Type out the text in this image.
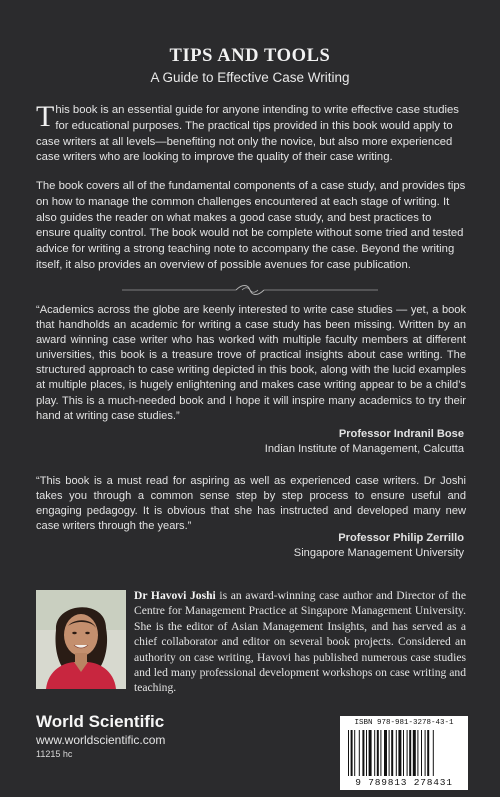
TIPS AND TOOLS
A Guide to Effective Case Writing

This book is an essential guide for anyone intending to write effective case studies for educational purposes. The practical tips provided in this book would apply to case writers at all levels—benefiting not only the novice, but also more experienced case writers who are looking to improve the quality of their case writing.

The book covers all of the fundamental components of a case study, and provides tips on how to manage the common challenges encountered at each stage of writing. It also guides the reader on what makes a good case study, and best practices to ensure quality control. The book would not be complete without some tried and tested advice for writing a strong teaching note to accompany the case. Beyond the writing itself, it also provides an overview of possible avenues for case publication.

“Academics across the globe are keenly interested to write case studies — yet, a book that handholds an academic for writing a case study has been missing. Written by an award winning case writer who has worked with multiple faculty members at different universities, this book is a treasure trove of practical insights about case writing. The structured approach to case writing depicted in this book, along with the lucid examples at multiple places, is hugely enlightening and makes case writing appear to be a child’s play. This is a much-needed book and I hope it will inspire many academics to try their hand at writing case studies.”

Professor Indranil Bose
Indian Institute of Management, Calcutta

“This book is a must read for aspiring as well as experienced case writers. Dr Joshi takes you through a common sense step by step process to ensure useful and engaging pedagogy. It is obvious that she has instructed and developed many new case writers through the years.”

Professor Philip Zerrillo
Singapore Management University

Dr Havovi Joshi is an award-winning case author and Director of the Centre for Management Practice at Singapore Management University. She is the editor of Asian Management Insights, and has served as a chief collaborator and editor on several book projects. Considered an authority on case writing, Havovi has published numerous case studies and led many professional development workshops on case writing and teaching.

World Scientific
www.worldscientific.com
11215 hc
ISBN 978-981-3278-43-1
9 789813 278431
